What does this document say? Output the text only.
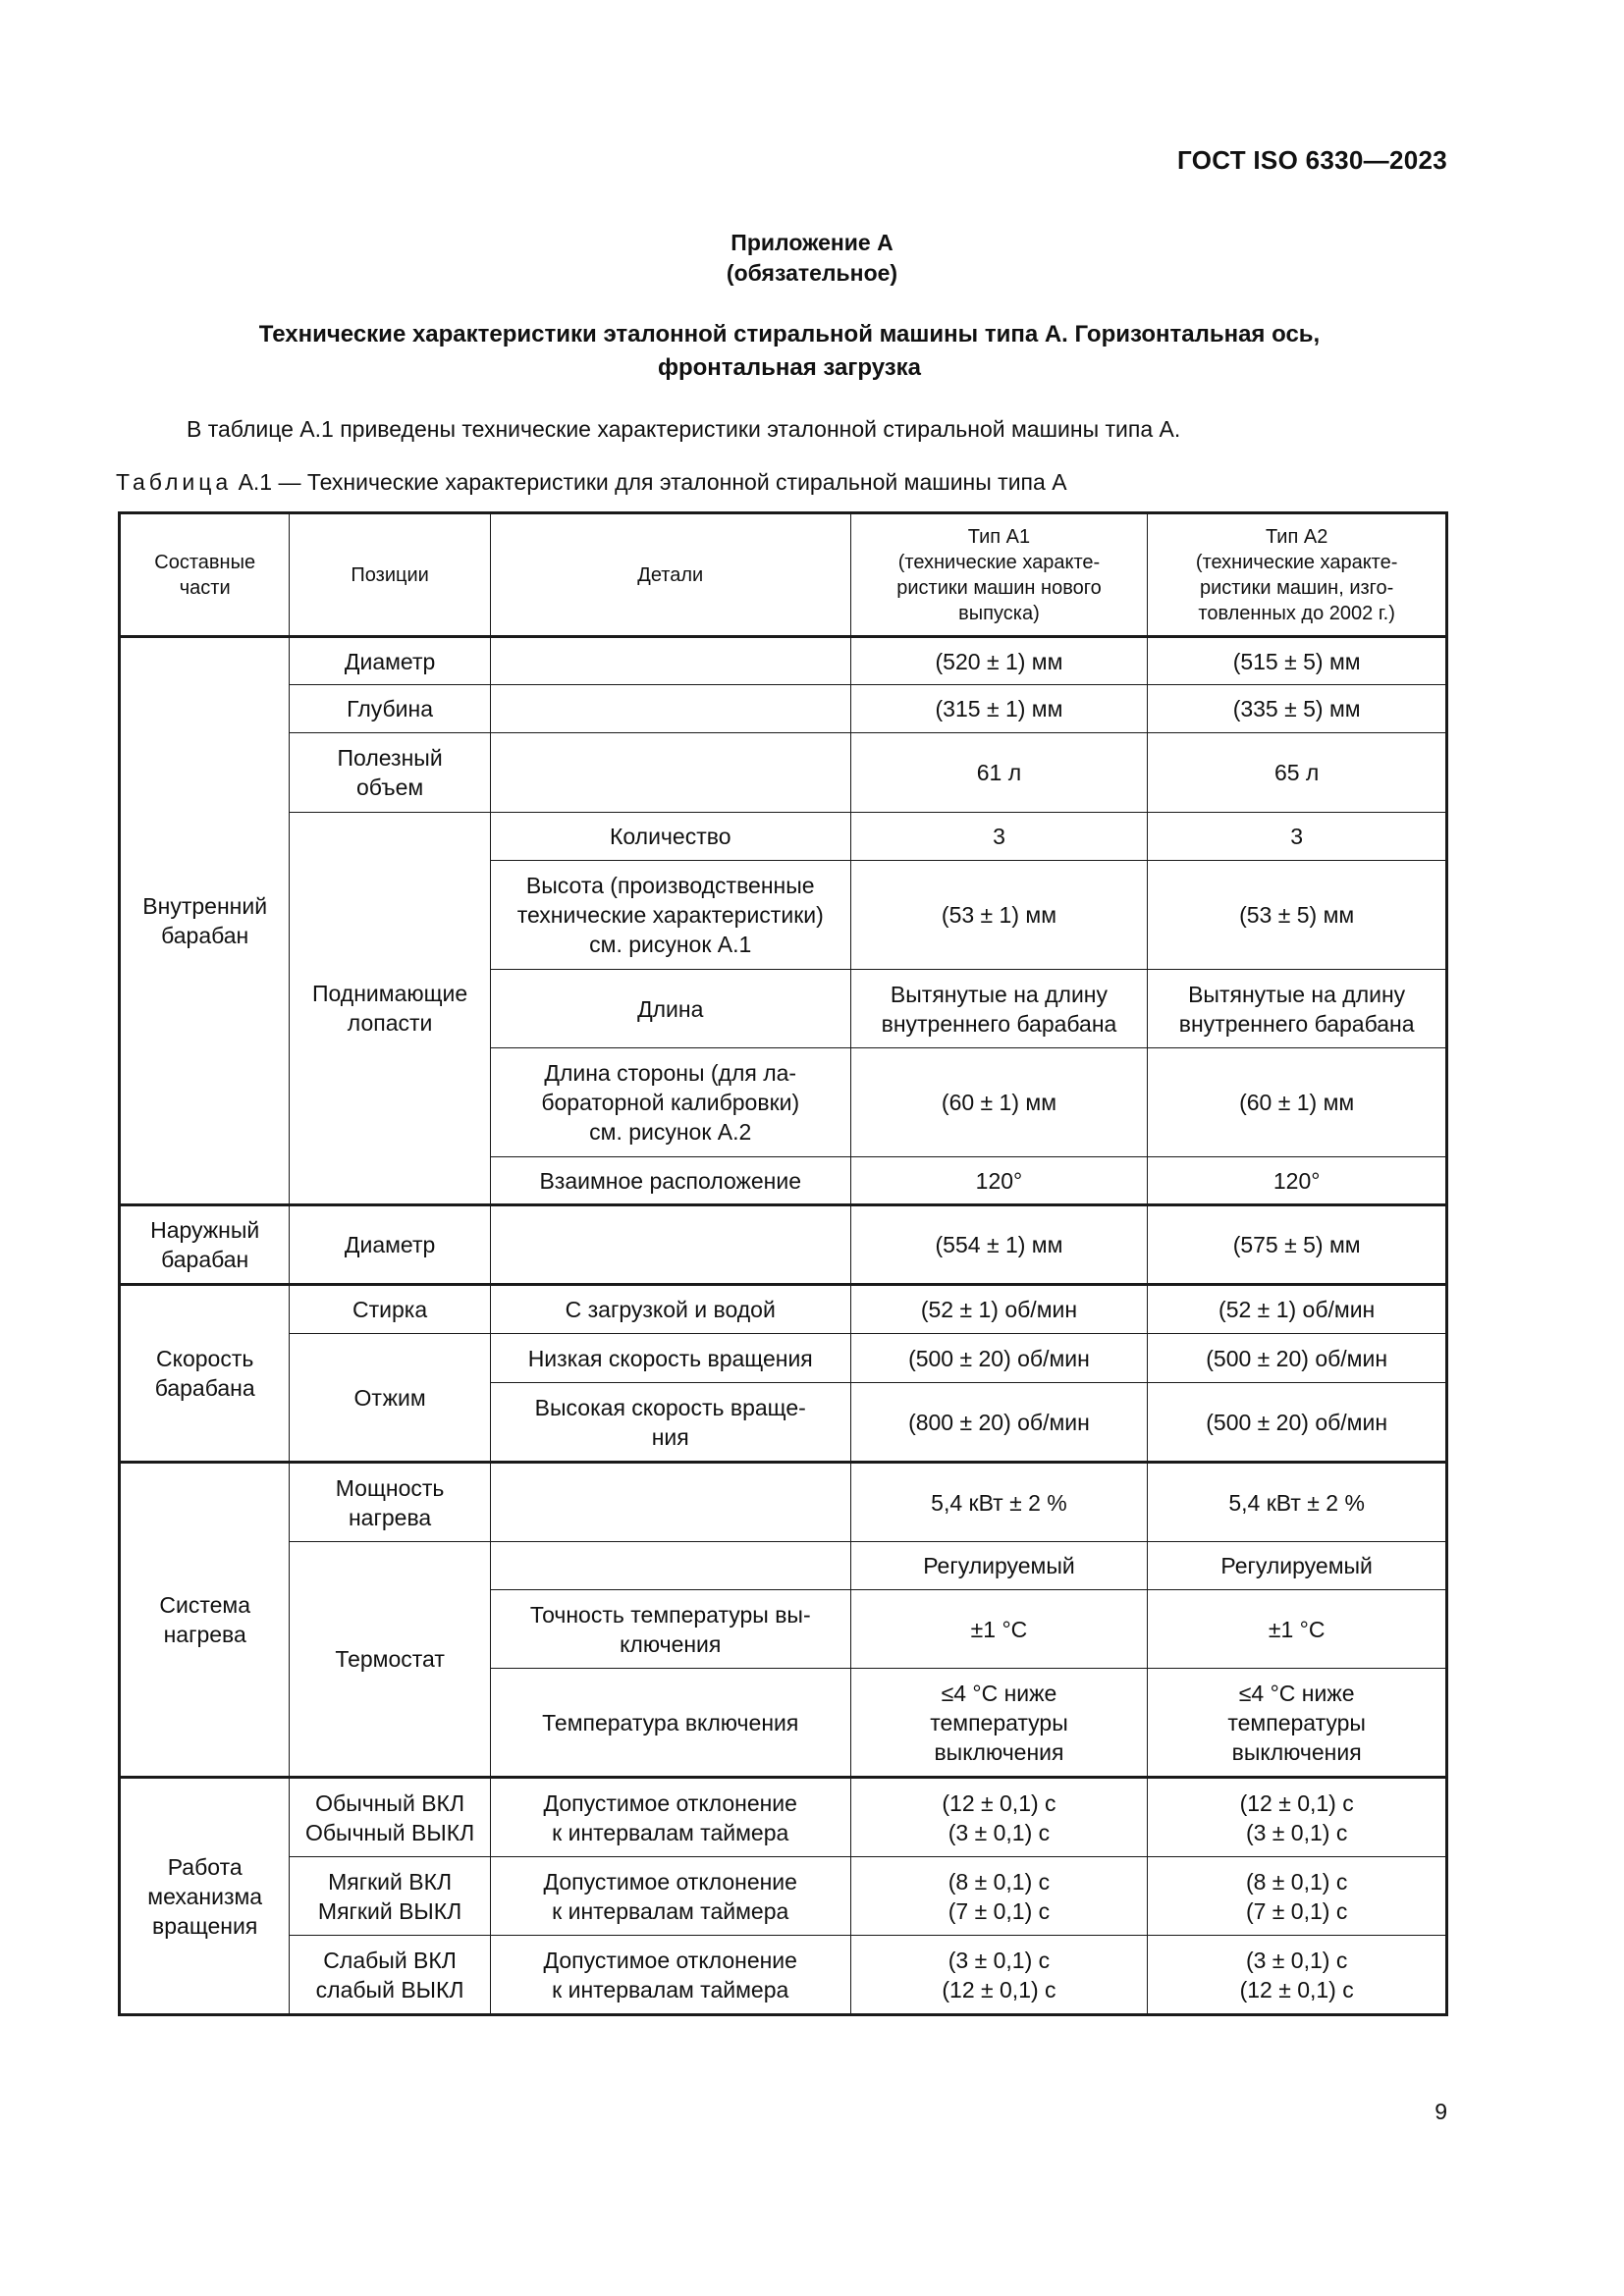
ГОСТ ISO 6330—2023
Приложение А
(обязательное)
Технические характеристики эталонной стиральной машины типа А. Горизонтальная ось,
фронтальная загрузка
В таблице А.1 приведены технические характеристики эталонной стиральной машины типа А.
Таблица А.1 — Технические характеристики для эталонной стиральной машины типа А
Составные
части	Позиции	Детали	Тип А1
(технические характе-
ристики машин нового
выпуска)	Тип А2
(технические характе-
ристики машин, изго-
товленных до 2002 г.)

Внутренний
барабан	Диаметр		(520 ± 1) мм	(515 ± 5) мм
	Глубина		(315 ± 1) мм	(335 ± 5) мм

	Полезный
объем		61 л	65 л

	Поднимающие
лопасти	Количество	3	3

		Высота (производственные
технические характеристики)
см. рисунок А.1	(53 ± 1) мм	(53 ± 5) мм
		Длина	Вытянутые на длину
внутреннего барабана	Вытянутые на длину
внутреннего барабана

		Длина стороны (для ла-
бораторной калибровки)
см. рисунок А.2	(60 ± 1) мм	(60 ± 1) мм
		Взаимное расположение	120°	120°

Наружный
барабан	Диаметр		(554 ± 1) мм	(575 ± 5) мм

Скорость
барабана	Стирка	С загрузкой и водой	(52 ± 1) об/мин	(52 ± 1) об/мин
	Отжим	Низкая скорость вращения	(500 ± 20) об/мин	(500 ± 20) об/мин

		Высокая скорость враще-
ния	(800 ± 20) об/мин	(500 ± 20) об/мин

Система
нагрева	Мощность
нагрева		5,4 кВт ± 2 %	5,4 кВт ± 2 %
	Термостат		Регулируемый	Регулируемый

		Точность температуры вы-
ключения	±1 °С	±1 °С
		Температура включения	≤4 °С ниже
температуры
выключения	≤4 °С ниже
температуры
выключения

Работа
механизма
вращения	Обычный ВКЛ
Обычный ВЫКЛ	Допустимое отклонение
к интервалам таймера	(12 ± 0,1) с
(3 ± 0,1) с	(12 ± 0,1) с
(3 ± 0,1) с

	Мягкий ВКЛ
Мягкий ВЫКЛ	Допустимое отклонение
к интервалам таймера	(8 ± 0,1) с
(7 ± 0,1) с	(8 ± 0,1) с
(7 ± 0,1) с

	Слабый ВКЛ
слабый ВЫКЛ	Допустимое отклонение
к интервалам таймера	(3 ± 0,1) с
(12 ± 0,1) с	(3 ± 0,1) с
(12 ± 0,1) с
9
